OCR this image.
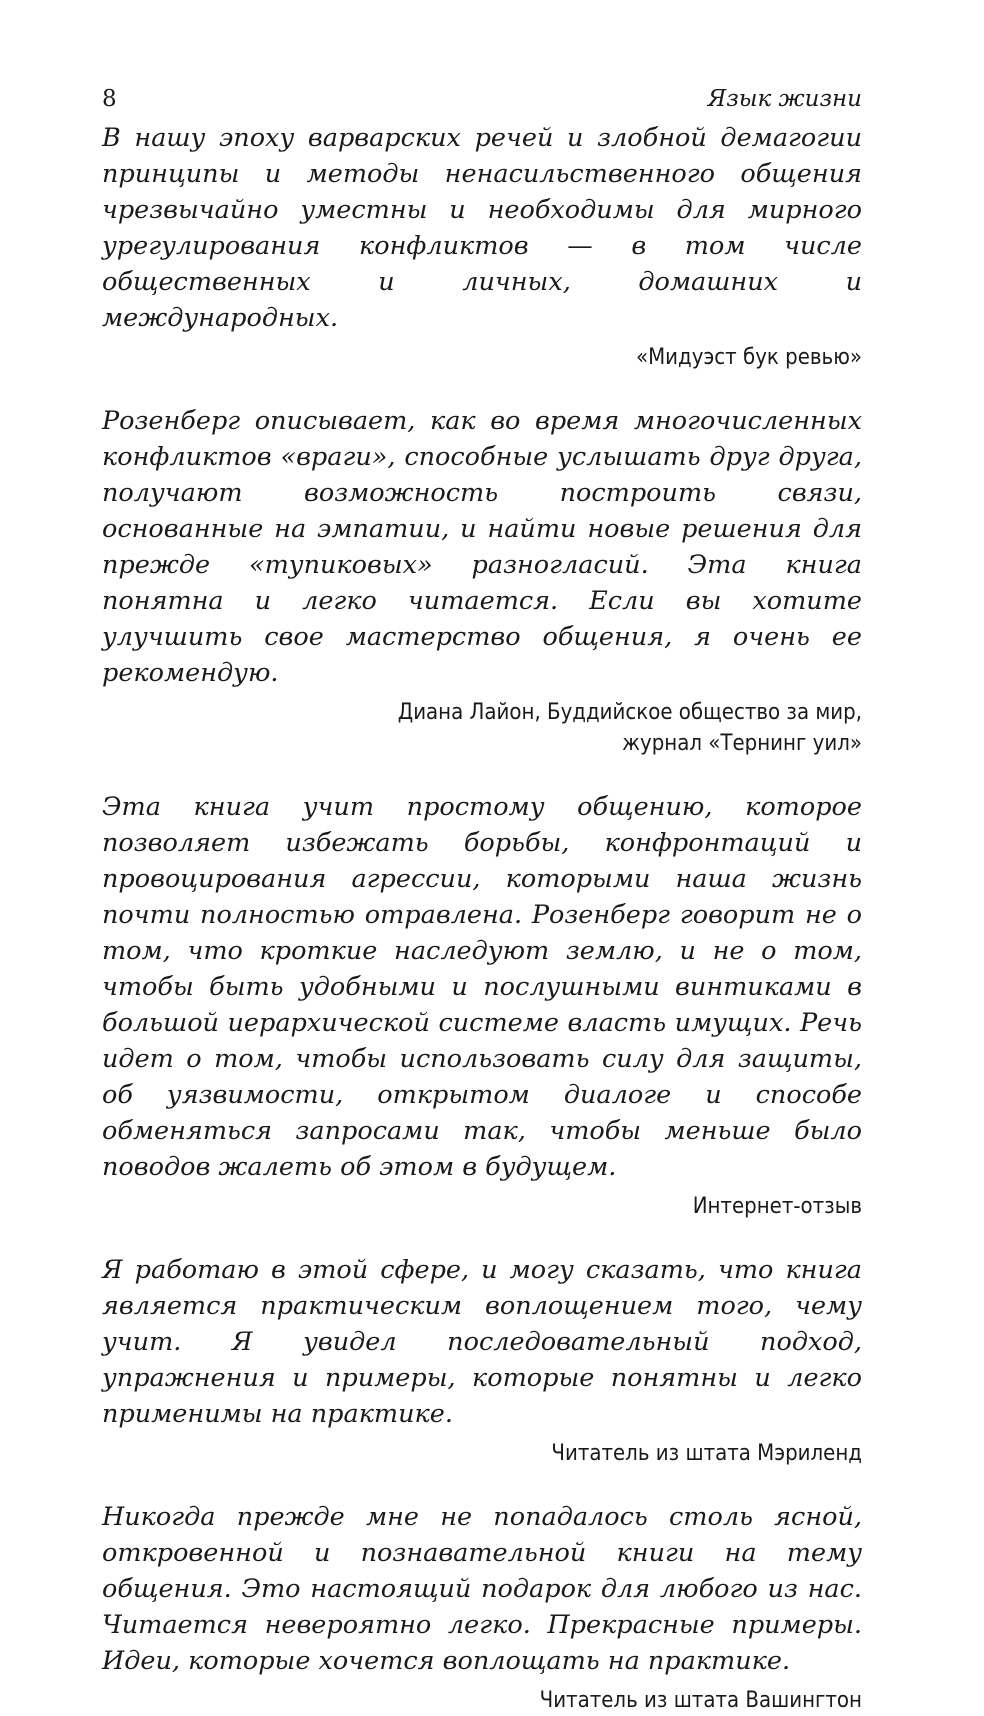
8	Язык жизни

В нашу эпоху варварских речей и злобной демагогии принципы и методы ненасильственного общения чрезвычайно уместны и необходимы для мирного урегулирования конфликтов — в том числе общественных и личных, домашних и международных.

«Мидуэст бук ревью»

Розенберг описывает, как во время многочисленных конфликтов «враги», способные услышать друг друга, получают возможность построить связи, основанные на эмпатии, и найти новые решения для прежде «тупиковых» разногласий. Эта книга понятна и легко читается. Если вы хотите улучшить свое мастерство общения, я очень ее рекомендую.

Диана Лайон, Буддийское общество за мир,
журнал «Тернинг уил»

Эта книга учит простому общению, которое позволяет избежать борьбы, конфронтаций и провоцирования агрессии, которыми наша жизнь почти полностью отравлена. Розенберг говорит не о том, что кроткие наследуют землю, и не о том, чтобы быть удобными и послушными винтиками в большой иерархической системе власть имущих. Речь идет о том, чтобы использовать силу для защиты, об уязвимости, открытом диалоге и способе обменяться запросами так, чтобы меньше было поводов жалеть об этом в будущем.

Интернет-отзыв

Я работаю в этой сфере, и могу сказать, что книга является практическим воплощением того, чему учит. Я увидел последовательный подход, упражнения и примеры, которые понятны и легко применимы на практике.

Читатель из штата Мэриленд

Никогда прежде мне не попадалось столь ясной, откровенной и познавательной книги на тему общения. Это настоящий подарок для любого из нас. Читается невероятно легко. Прекрасные примеры. Идеи, которые хочется воплощать на практике.

Читатель из штата Вашингтон
